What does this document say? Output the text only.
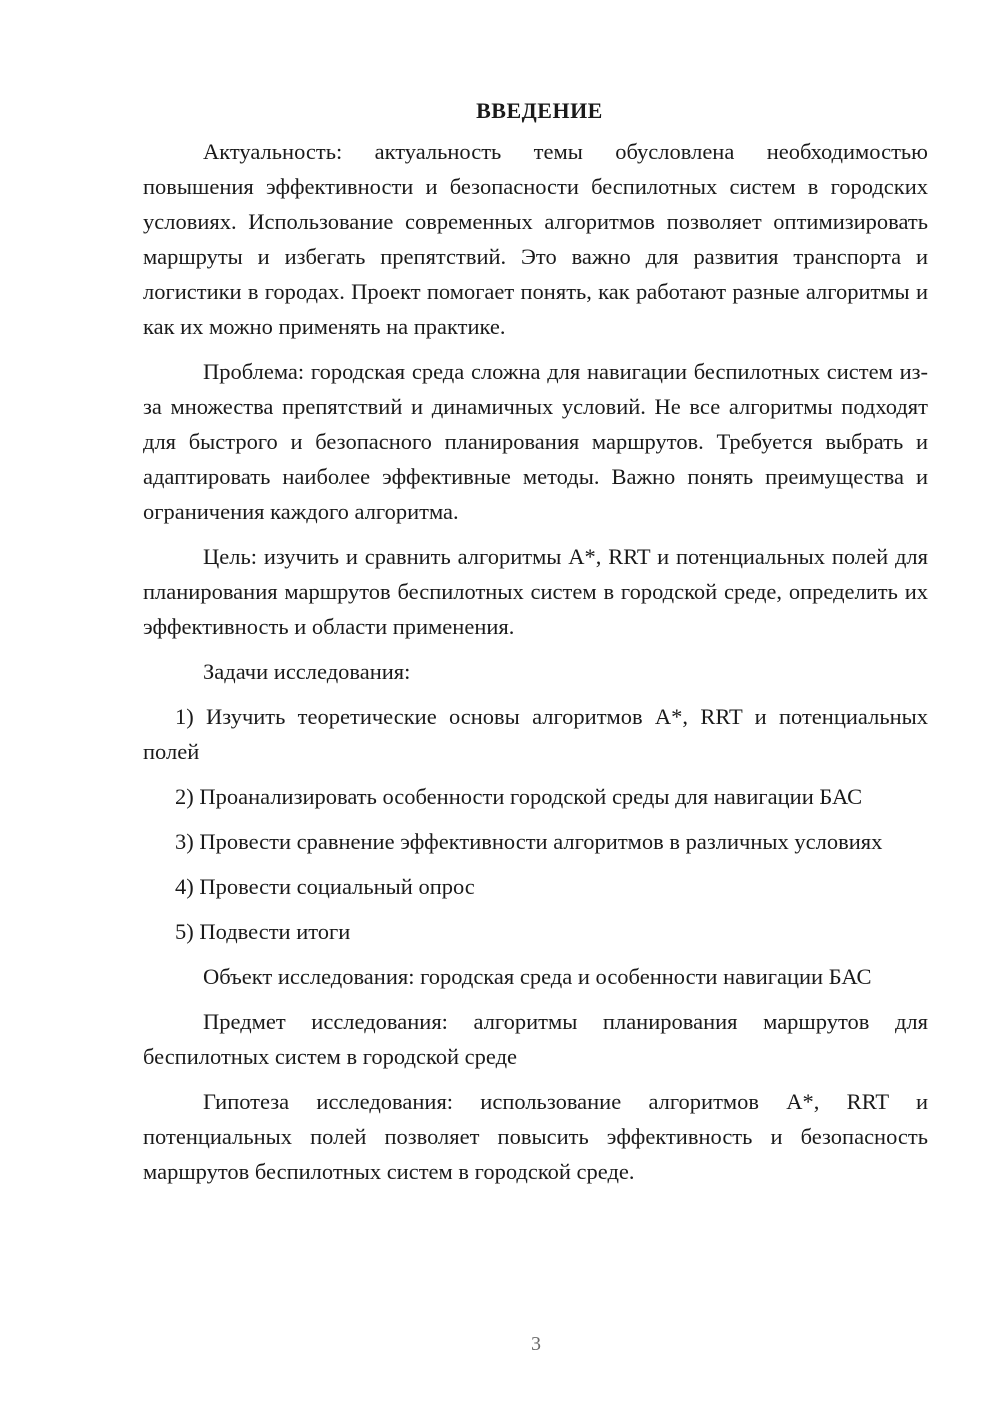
ВВЕДЕНИЕ

Актуальность: актуальность темы обусловлена необходимостью повышения эффективности и безопасности беспилотных систем в городских условиях. Использование современных алгоритмов позволяет оптимизировать маршруты и избегать препятствий. Это важно для развития транспорта и логистики в городах. Проект помогает понять, как работают разные алгоритмы и как их можно применять на практике.

Проблема: городская среда сложна для навигации беспилотных систем из-за множества препятствий и динамичных условий. Не все алгоритмы подходят для быстрого и безопасного планирования маршрутов. Требуется выбрать и адаптировать наиболее эффективные методы. Важно понять преимущества и ограничения каждого алгоритма.

Цель: изучить и сравнить алгоритмы A*, RRT и потенциальных полей для планирования маршрутов беспилотных систем в городской среде, определить их эффективность и области применения.

Задачи исследования:

1) Изучить теоретические основы алгоритмов A*, RRT и потенциальных полей

2) Проанализировать особенности городской среды для навигации БАС

3) Провести сравнение эффективности алгоритмов в различных условиях

4) Провести социальный опрос

5) Подвести итоги

Объект исследования: городская среда и особенности навигации БАС

Предмет исследования: алгоритмы планирования маршрутов для беспилотных систем в городской среде

Гипотеза исследования: использование алгоритмов A*, RRT и потенциальных полей позволяет повысить эффективность и безопасность маршрутов беспилотных систем в городской среде.

3
